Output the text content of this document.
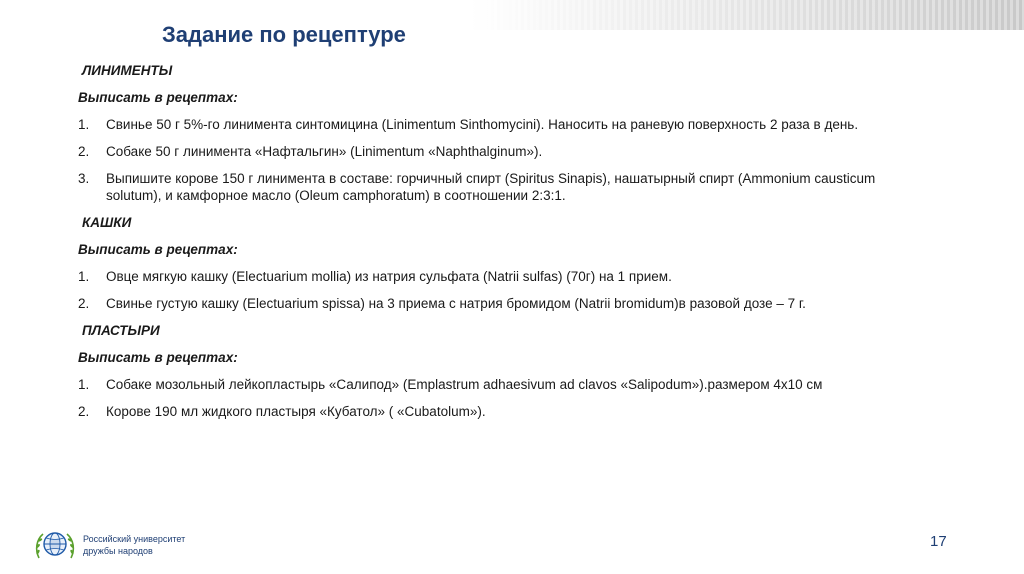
Задание по рецептуре
ЛИНИМЕНТЫ
Выписать в рецептах:
1.	Свинье 50 г 5%-го линимента синтомицина (Linimentum Sinthomycini). Наносить на раневую поверхность 2 раза в день.
2.	Собаке 50 г линимента «Нафтальгин» (Linimentum «Naphthalginum»).
3.	Выпишите корове 150 г линимента в составе: горчичный спирт (Spiritus Sinapis), нашатырный спирт (Ammonium causticum solutum), и камфорное масло (Oleum camphoratum) в соотношении 2:3:1.
КАШКИ
Выписать в рецептах:
1.	Овце мягкую кашку (Electuarium mollia) из натрия сульфата (Natrii sulfas) (70г) на 1 прием.
2.	Свинье густую кашку (Electuarium spissa) на 3 приема с натрия бромидом (Natrii bromidum)в разовой дозе – 7 г.
ПЛАСТЫРИ
Выписать в рецептах:
1.	Собаке мозольный лейкопластырь «Салипод» (Emplastrum adhaesivum ad clavos «Salipodum»).размером 4х10 см
2.	Корове 190 мл жидкого пластыря «Кубатол» ( «Cubatolum»).
Российский университет
дружбы народов
17
